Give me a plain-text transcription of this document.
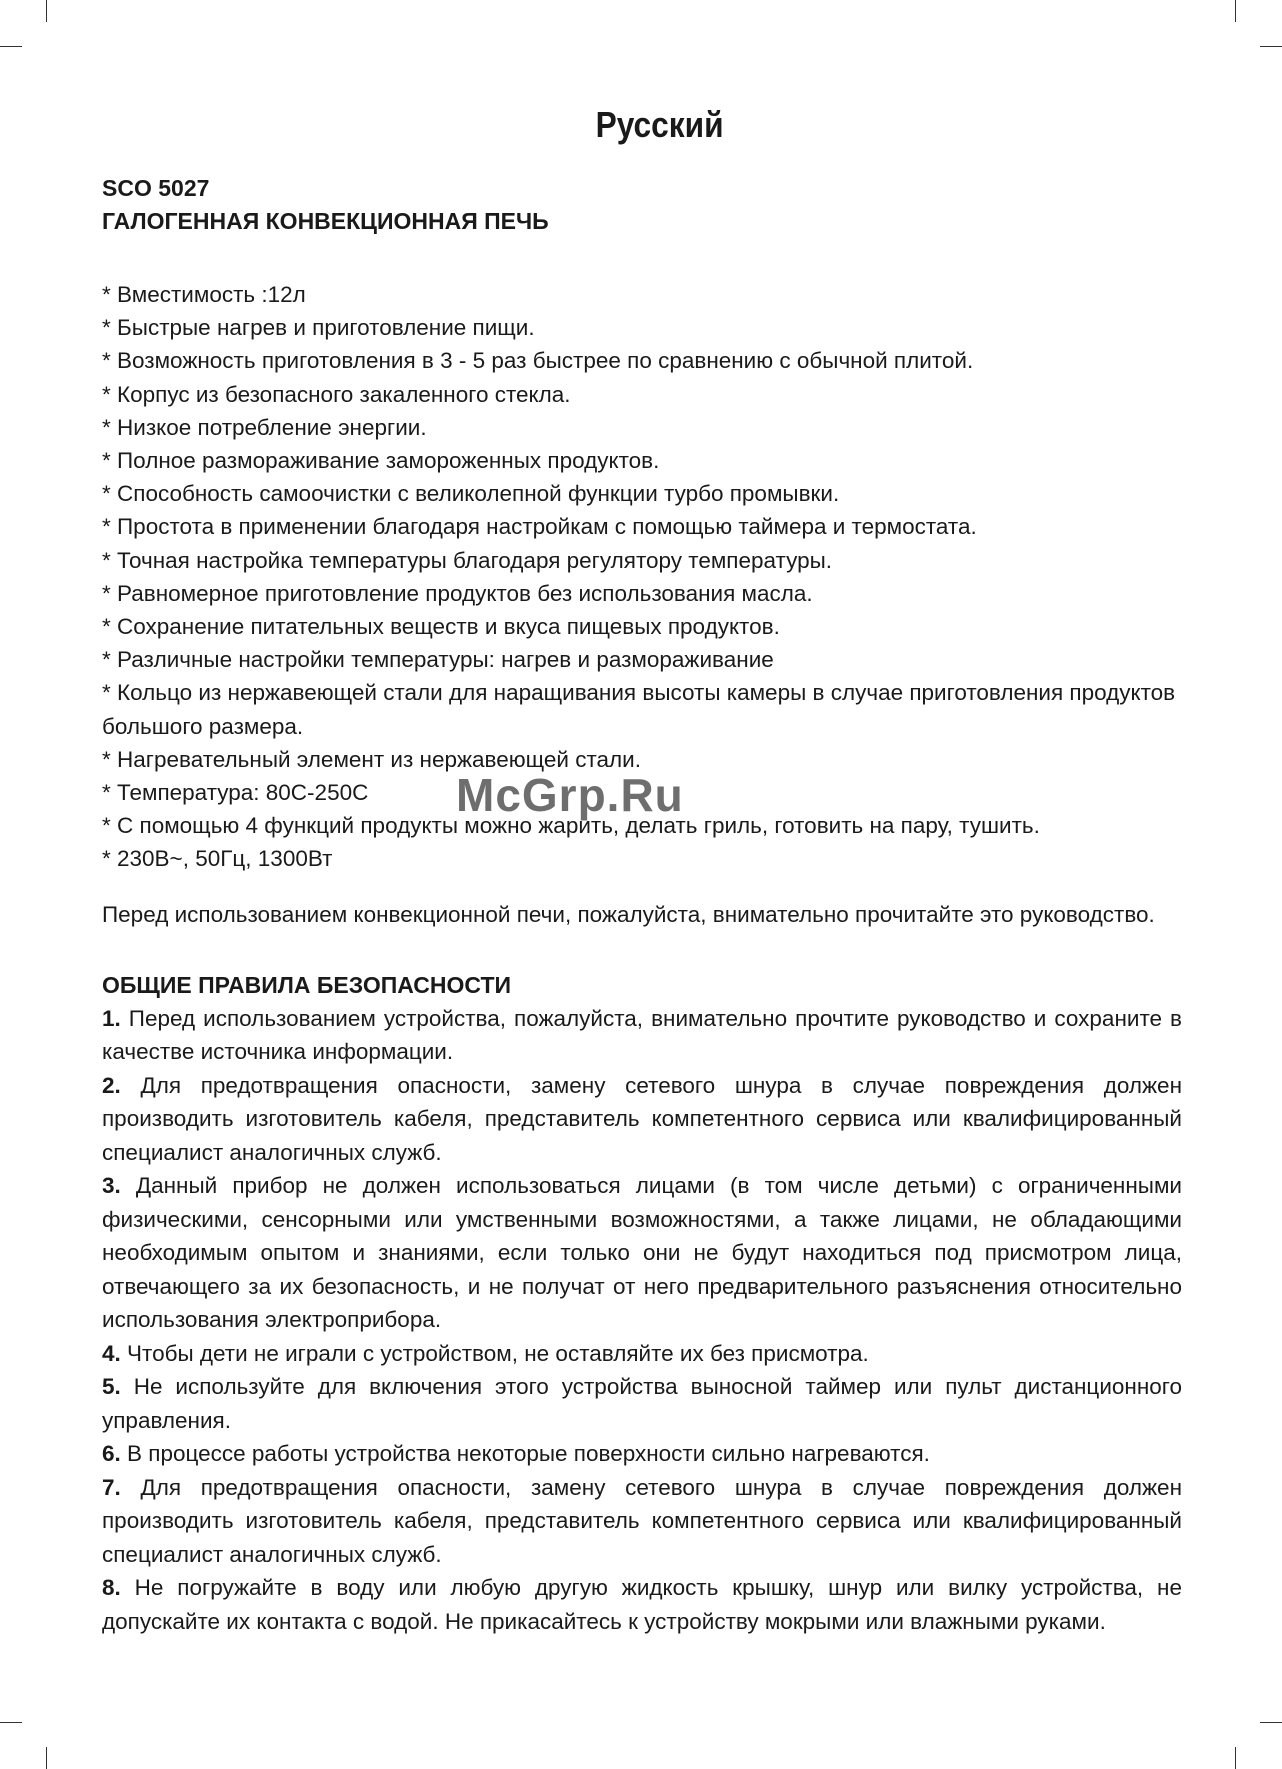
Русский

SCO 5027

ГАЛОГЕННАЯ КОНВЕКЦИОННАЯ ПЕЧЬ

* Вместимость :12л
* Быстрые нагрев и приготовление пищи.
* Возможность приготовления в 3 - 5 раз быстрее по сравнению с обычной плитой.
* Корпус из безопасного закаленного стекла.
* Низкое потребление энергии.
* Полное размораживание замороженных продуктов.
* Способность самоочистки с великолепной функции турбо промывки.
* Простота в применении благодаря настройкам с помощью таймера и термостата.
* Точная настройка температуры благодаря регулятору температуры.
* Равномерное приготовление продуктов без использования масла.
* Сохранение питательных веществ и вкуса пищевых продуктов.
* Различные настройки температуры: нагрев и размораживание
* Кольцо из нержавеющей стали для наращивания высоты камеры в случае приготовления продуктов большого размера.
* Нагревательный элемент из нержавеющей стали.
* Температура: 80С-250С
* С помощью 4 функций продукты можно жарить, делать гриль, готовить на пару, тушить.
* 230В~, 50Гц, 1300Вт

Перед использованием конвекционной печи, пожалуйста, внимательно прочитайте это руководство.

ОБЩИЕ ПРАВИЛА БЕЗОПАСНОСТИ
1. Перед использованием устройства, пожалуйста, внимательно прочтите руководство и сохраните в качестве источника информации.
2. Для предотвращения опасности, замену сетевого шнура в случае повреждения должен производить изготовитель кабеля, представитель компетентного сервиса или квалифицированный специалист аналогичных служб.
3. Данный прибор не должен использоваться лицами (в том числе детьми) с ограниченными физическими, сенсорными или умственными возможностями, а также лицами, не обладающими необходимым опытом и знаниями, если только они не будут находиться под присмотром лица, отвечающего за их безопасность, и не получат от него предварительного разъяснения относительно использования электроприбора.
4. Чтобы дети не играли с устройством, не оставляйте их без присмотра.
5. Не используйте для включения этого устройства выносной таймер или пульт дистанционного управления.
6. В процессе работы устройства некоторые поверхности сильно нагреваются.
7. Для предотвращения опасности, замену сетевого шнура в случае повреждения должен производить изготовитель кабеля, представитель компетентного сервиса или квалифицированный специалист аналогичных служб.
8. Не погружайте в воду или любую другую жидкость крышку, шнур или вилку устройства, не допускайте их контакта с водой. Не прикасайтесь к устройству мокрыми или влажными руками.
McGrp.Ru
